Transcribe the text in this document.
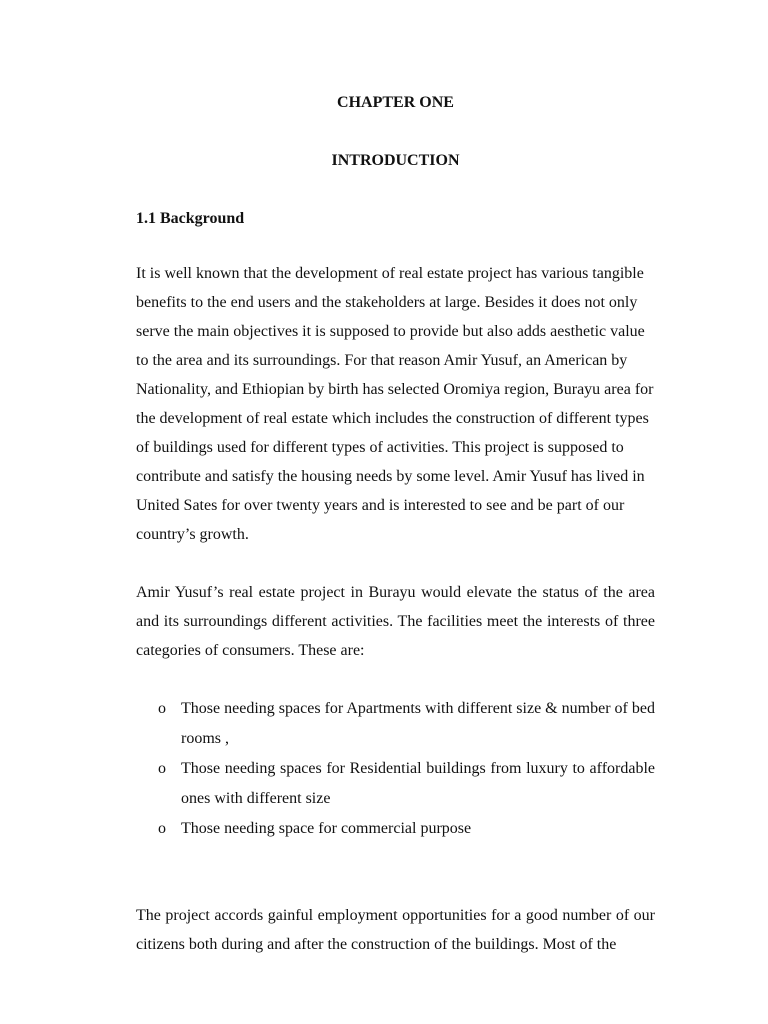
CHAPTER ONE
INTRODUCTION
1.1 Background

It is well known that the development of real estate project has various tangible benefits to the end users and the stakeholders at large. Besides it does not only serve the main objectives it is supposed to provide but also adds aesthetic value to the area and its surroundings. For that reason Amir Yusuf, an American by Nationality, and Ethiopian by birth has selected Oromiya region, Burayu area for the development of real estate which includes the construction of different types of buildings used for different types of activities. This project is supposed to contribute and satisfy the housing needs by some level. Amir Yusuf has lived in United Sates for over twenty years and is interested to see and be part of our country’s growth.

Amir Yusuf’s real estate project in Burayu would elevate the status of the area and its surroundings different activities. The facilities meet the interests of three categories of consumers. These are:

o Those needing spaces for Apartments with different size & number of bed rooms ,
o Those needing spaces for Residential buildings from luxury to affordable ones with different size
o Those needing space for commercial purpose

The project accords gainful employment opportunities for a good number of our citizens both during and after the construction of the buildings. Most of the
